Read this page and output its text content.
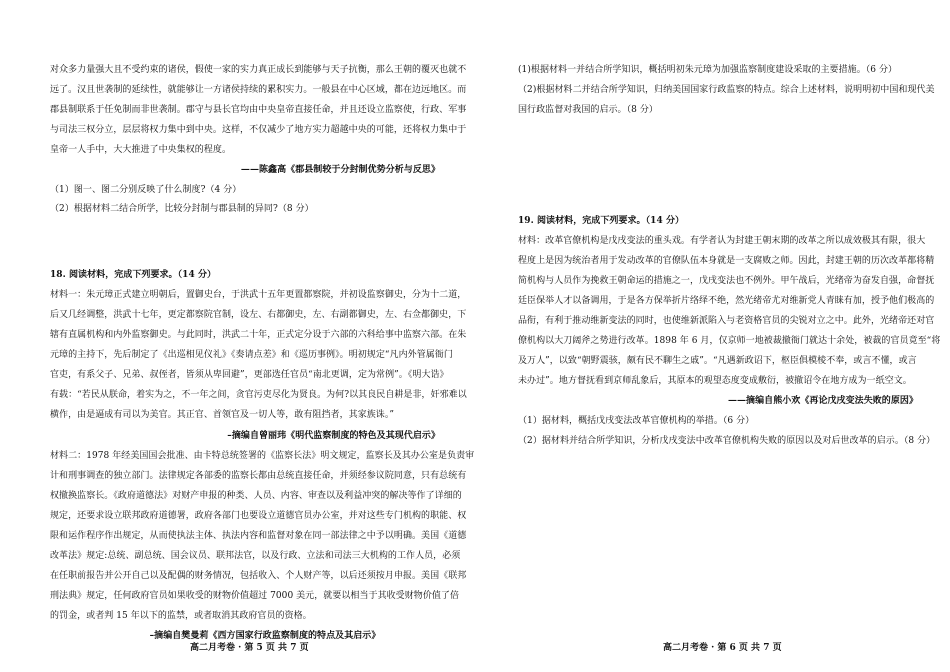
对众多力量强大且不受约束的诸侯，假使一家的实力真正成长到能够与天子抗衡，那么王朝的覆灭也就不
远了。汉且世袭制的延续性，就能够让一方诸侯持续的累积实力。一般县在中心区域，都在边远地区。而
郡县制联系于任免制而非世袭制。郡守与县长官均由中央皇帝直接任命，并且还设立监察使，行政、军事
与司法三权分立，层层将权力集中到中央。这样，不仅减少了地方实力超越中央的可能，还将权力集中于
皇帝一人手中，大大推进了中央集权的程度。
——陈鑫高《郡县制较于分封制优势分析与反思》
（1）图一、图二分别反映了什么制度?（4 分）
（2）根据材料二结合所学，比较分封制与郡县制的异同?（8 分）
18. 阅读材料，完成下列要求。（14 分）
材料一：朱元璋正式建立明朝后，置御史台，于洪武十五年更置都察院，并初设监察御史，分为十二道，
后又几经调整，洪武十七年，更定都察院官制，设左、右都御史，左、右副都御史，左、右佥都御史，下
辖有直属机构和内外监察御史。与此同时，洪武二十年，正式定分设于六部的六科给事中监察六部。在朱
元璋的主持下，先后制定了《出巡相见仪礼》《奏请点差》和《巡历事例》。明初规定“凡内外管属衙门
官吏，有系父子、兄弟、叔侄者，皆须从卑回避”，更部选任官员“南北更调，定为常例”。《明大诰》
有载：“若民从朕命，着实为之，不一年之间，贪官污吏尽化为贤良。为何?以其良民自耕是非，奸邪难以
横作，由是逼成有司以为美官。其正官、首领官及一切人等，敢有阻挡者，其家族诛。”
–摘编自曾丽玮《明代监察制度的特色及其现代启示》
材料二：1978 年经美国国会批准、由卡特总统签署的《监察长法》明文规定，监察长及其办公室是负责审
计和刑事调查的独立部门。法律规定各部委的监察长都由总统直接任命，并须经参议院同意，只有总统有
权撤换监察长。《政府道德法》对财产申报的种类、人员、内容、审查以及利益冲突的解决等作了详细的
规定，还要求设立联邦政府道德署，政府各部门也要设立道德官员办公室，并对这些专门机构的职能、权
限和运作程序作出规定，从而使执法主体、执法内容和监督对象在同一部法律之中予以明确。美国《道德
改革法》规定:总统、副总统、国会议员、联邦法官，以及行政、立法和司法三大机构的工作人员，必须
在任职前报告并公开自己以及配偶的财务情况，包括收入、个人财产等，以后还须按月申报。美国《联邦
刑法典》规定，任何政府官员如果收受的财物价值超过 7000 美元，就要以相当于其收受财物价值了倍
的罚金，或者判 15 年以下的监禁，或者取消其政府官员的资格。
–摘编自樊曼莉《西方国家行政监察制度的特点及其启示》
高二月考卷 · 第 5 页 共 7 页
(1)根据材料一并结合所学知识，概括明初朱元璋为加强监察制度建设采取的主要措施。（6 分）
（2)根据材料二并结合所学知识，归纳美国国家行政监察的特点。综合上述材料，说明明初中国和现代美
国行政监督对我国的启示。（8 分）
19. 阅读材料，完成下列要求。（14 分）
材料：改革官僚机构是戊戌变法的重头戏。有学者认为封建王朝末期的改革之所以成效极其有限，很大
程度上是因为统治者用于发动改革的官僚队伍本身就是一支腐败之师。因此，封建王朝的历次改革都将精
简机构与人员作为挽救王朝命运的措施之一，戊戌变法也不例外。甲午战后，光绪帝为奋发自强，命督抚
廷臣保举人才以备调用，于是各方保举折片络绎不绝，然光绪帝尤对维新党人青睐有加，授予他们极高的
品衔，有利于推动维新变法的同时，也使维新派陷入与老资格官员的尖锐对立之中。此外，光绪帝还对官
僚机构以大刀阔斧之势进行改革。1898 年 6 月，仅京师一地被裁撤衙门就达十余处，被裁的官员竟至“将
及万人”，以致“朝野震骇，颇有民不聊生之戚”。“凡遇新政诏下，枢臣俱模棱不奉，或言不懂，或言
未办过”。地方督抚看到京师乱象后，其原本的观望态度变成敷衍，被撤诏令在地方成为一纸空文。
——摘编自熊小欢《再论戊戌变法失败的原因》
（1）据材料，概括戊戌变法改革官僚机构的举措。（6 分）
（2）据材料并结合所学知识，分析戊戌变法中改革官僚机构失败的原因以及对后世改革的启示。（8 分）
高二月考卷 · 第 6 页 共 7 页
